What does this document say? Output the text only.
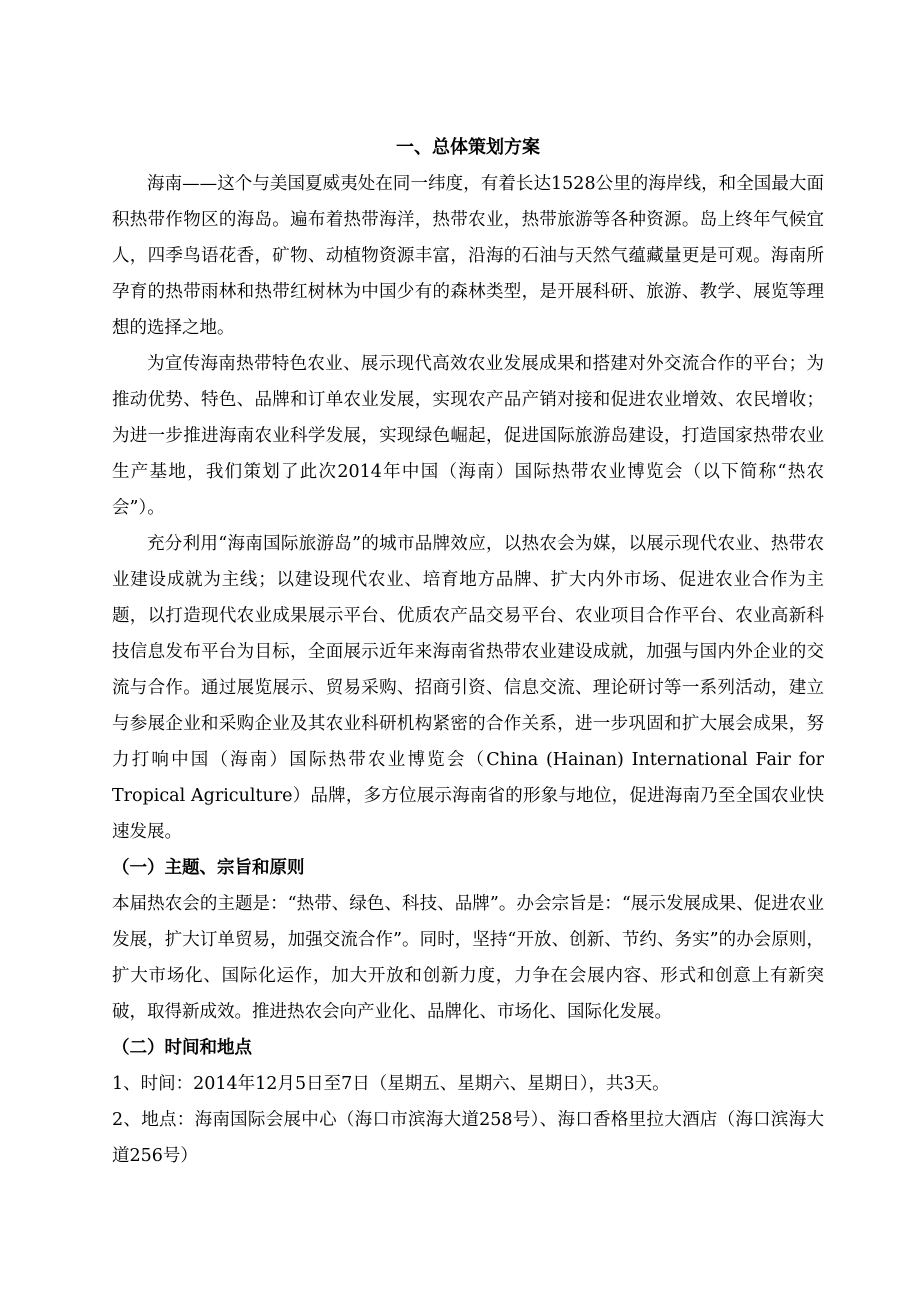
一、总体策划方案

海南——这个与美国夏威夷处在同一纬度，有着长达1528公里的海岸线，和全国最大面积热带作物区的海岛。遍布着热带海洋，热带农业，热带旅游等各种资源。岛上终年气候宜人，四季鸟语花香，矿物、动植物资源丰富，沿海的石油与天然气蕴藏量更是可观。海南所孕育的热带雨林和热带红树林为中国少有的森林类型，是开展科研、旅游、教学、展览等理想的选择之地。

为宣传海南热带特色农业、展示现代高效农业发展成果和搭建对外交流合作的平台；为推动优势、特色、品牌和订单农业发展，实现农产品产销对接和促进农业增效、农民增收；为进一步推进海南农业科学发展，实现绿色崛起，促进国际旅游岛建设，打造国家热带农业生产基地，我们策划了此次2014年中国（海南）国际热带农业博览会（以下简称“热农会”）。

充分利用“海南国际旅游岛”的城市品牌效应，以热农会为媒，以展示现代农业、热带农业建设成就为主线；以建设现代农业、培育地方品牌、扩大内外市场、促进农业合作为主题，以打造现代农业成果展示平台、优质农产品交易平台、农业项目合作平台、农业高新科技信息发布平台为目标，全面展示近年来海南省热带农业建设成就，加强与国内外企业的交流与合作。通过展览展示、贸易采购、招商引资、信息交流、理论研讨等一系列活动，建立与参展企业和采购企业及其农业科研机构紧密的合作关系，进一步巩固和扩大展会成果，努力打响中国（海南）国际热带农业博览会（China (Hainan) International Fair for Tropical Agriculture）品牌，多方位展示海南省的形象与地位，促进海南乃至全国农业快速发展。

（一）主题、宗旨和原则

本届热农会的主题是：“热带、绿色、科技、品牌”。办会宗旨是：“展示发展成果、促进农业发展，扩大订单贸易，加强交流合作”。同时，坚持“开放、创新、节约、务实”的办会原则，扩大市场化、国际化运作，加大开放和创新力度，力争在会展内容、形式和创意上有新突破，取得新成效。推进热农会向产业化、品牌化、市场化、国际化发展。

（二）时间和地点

1、时间：2014年12月5日至7日（星期五、星期六、星期日），共3天。

2、地点：海南国际会展中心（海口市滨海大道258号）、海口香格里拉大酒店（海口滨海大道256号）
